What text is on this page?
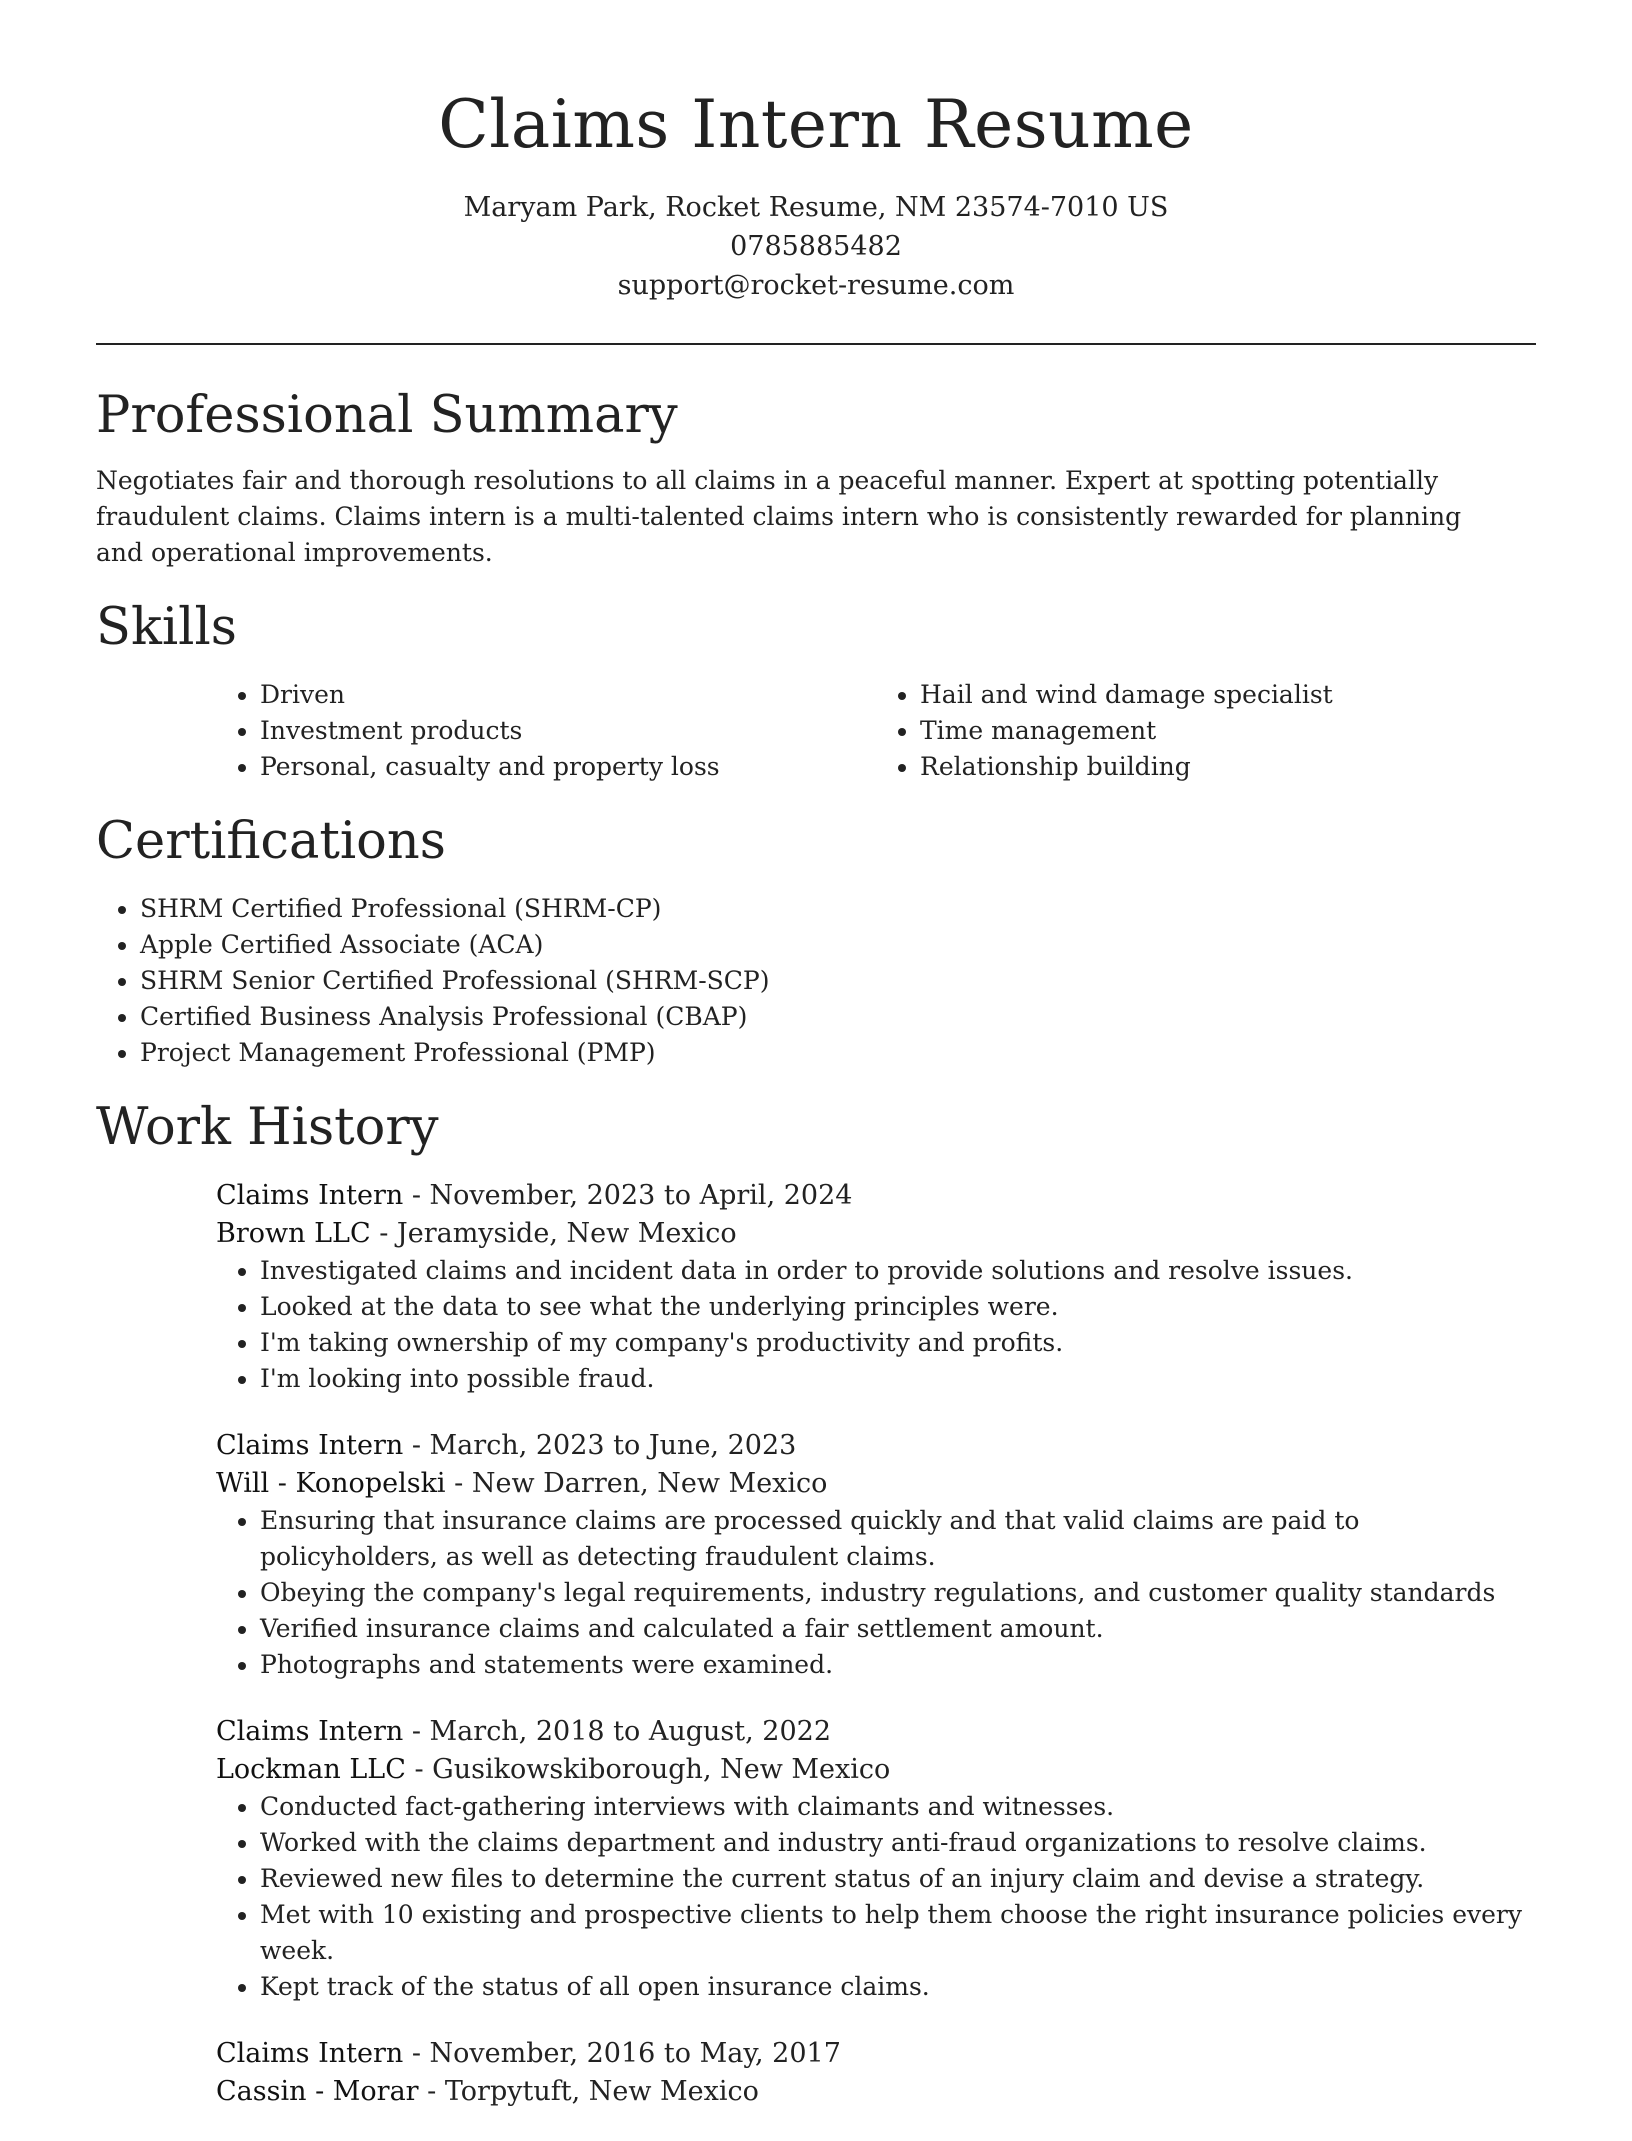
Claims Intern Resume
Maryam Park, Rocket Resume, NM 23574-7010 US
0785885482
support@rocket-resume.com
Professional Summary

Negotiates fair and thorough resolutions to all claims in a peaceful manner. Expert at spotting potentially fraudulent claims. Claims intern is a multi-talented claims intern who is consistently rewarded for planning and operational improvements.

Skills
• Driven
• Investment products
• Personal, casualty and property loss
• Hail and wind damage specialist
• Time management
• Relationship building
Certifications
• SHRM Certified Professional (SHRM-CP)
• Apple Certified Associate (ACA)
• SHRM Senior Certified Professional (SHRM-SCP)
• Certified Business Analysis Professional (CBAP)
• Project Management Professional (PMP)
Work History
Claims Intern - November, 2023 to April, 2024
Brown LLC - Jeramyside, New Mexico
• Investigated claims and incident data in order to provide solutions and resolve issues.
• Looked at the data to see what the underlying principles were.
• I'm taking ownership of my company's productivity and profits.
• I'm looking into possible fraud.
Claims Intern - March, 2023 to June, 2023
Will - Konopelski - New Darren, New Mexico
• Ensuring that insurance claims are processed quickly and that valid claims are paid to policyholders, as well as detecting fraudulent claims.
• Obeying the company's legal requirements, industry regulations, and customer quality standards
• Verified insurance claims and calculated a fair settlement amount.
• Photographs and statements were examined.
Claims Intern - March, 2018 to August, 2022
Lockman LLC - Gusikowskiborough, New Mexico
• Conducted fact-gathering interviews with claimants and witnesses.
• Worked with the claims department and industry anti-fraud organizations to resolve claims.
• Reviewed new files to determine the current status of an injury claim and devise a strategy.
• Met with 10 existing and prospective clients to help them choose the right insurance policies every week.
• Kept track of the status of all open insurance claims.
Claims Intern - November, 2016 to May, 2017
Cassin - Morar - Torpytuft, New Mexico
